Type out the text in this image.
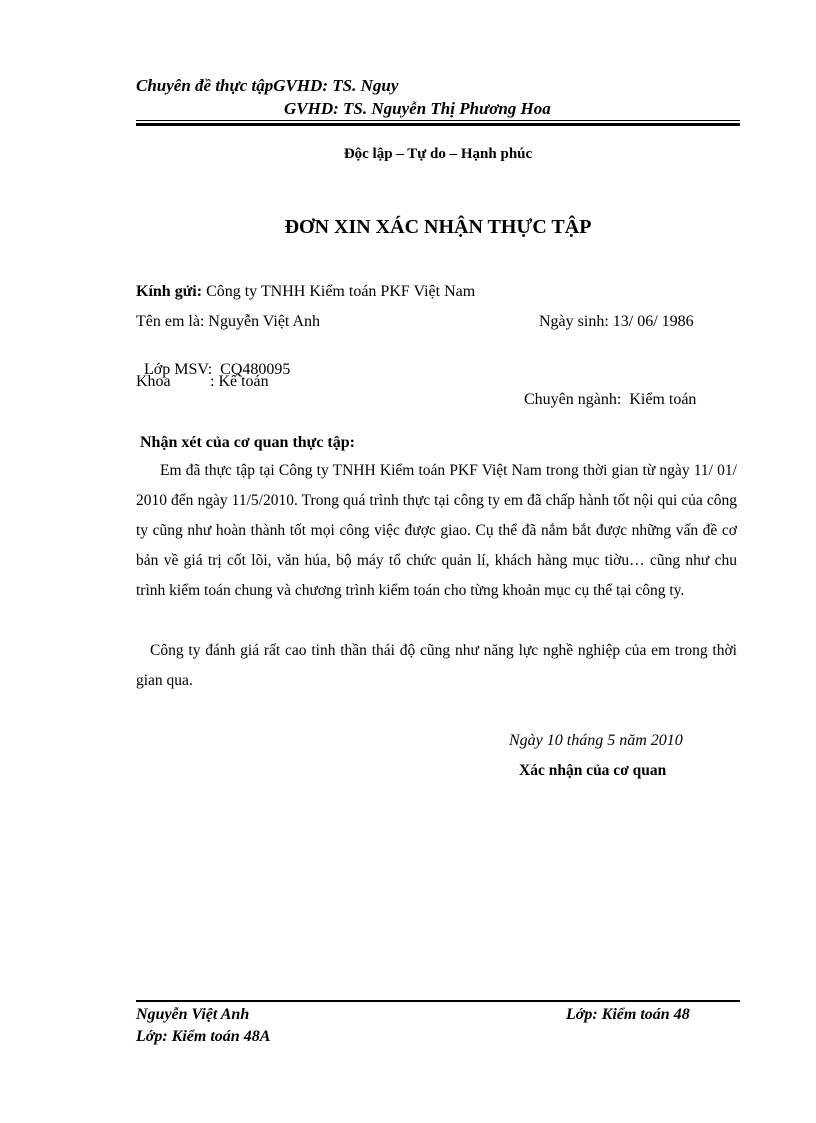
Chuyên đề thực tậpGVHD: TS. Nguy
GVHD: TS. Nguyễn Thị Phương Hoa
Độc lập – Tự do – Hạnh phúc
ĐƠN XIN XÁC NHẬN THỰC TẬP
Kính gửi: Công ty TNHH Kiểm toán PKF Việt Nam
Tên em là: Nguyễn Việt Anh	Ngày sinh: 13/ 06/ 1986

Lớp MSV:  CQ480095

Khoa : Kế toán

Chuyên ngành:  Kiểm toán

Nhận xét của cơ quan thực tập:
Em đã thực tập tại Công ty TNHH Kiểm toán PKF Việt Nam trong thời gian từ ngày 11/ 01/ 2010 đến ngày 11/5/2010. Trong quá trình thực tại công ty em đã chấp hành tốt nội qui của công ty cũng như hoàn thành tốt mọi công việc được giao. Cụ thể đã nắm bắt được những vấn đề cơ bản về giá trị cốt lõi, văn húa, bộ máy tổ chức quản lí, khách hàng mục tiờu… cũng như chu trình kiểm toán chung và chương trình kiểm toán cho từng khoản mục cụ thể tại công ty.
Công ty đánh giá rất cao tinh thần thái độ cũng như năng lực nghề nghiệp của em trong thời gian qua.
Ngày 10 tháng 5 năm 2010
Xác nhận của cơ quan
Nguyễn Việt Anh	Lớp: Kiểm toán 48
Lớp: Kiểm toán 48A
